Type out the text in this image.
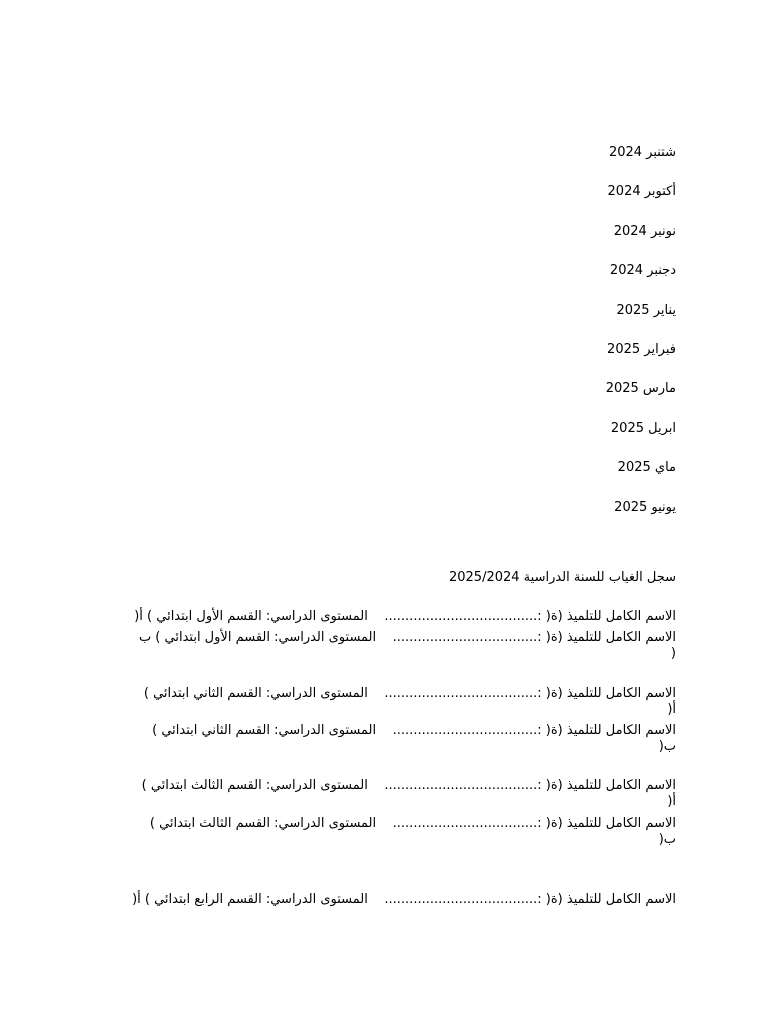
شتنبر 2024
أكتوبر 2024
نونبر 2024
دجنبر 2024
يناير 2025
فبراير 2025
مارس 2025
ابريل 2025
ماي 2025
يونيو 2025
سجل الغياب للسنة الدراسية 2025/2024
الاسم الكامل للتلميذ (ة( :.....................................    المستوى الدراسي: القسم الأول ابتدائي ) أ(
الاسم الكامل للتلميذ (ة( :...................................    المستوى الدراسي: القسم الأول ابتدائي ) ب
(
الاسم الكامل للتلميذ (ة( :.....................................    المستوى الدراسي: القسم الثاني ابتدائي )
أ(
الاسم الكامل للتلميذ (ة( :...................................    المستوى الدراسي: القسم الثاني ابتدائي )
ب(
الاسم الكامل للتلميذ (ة( :.....................................    المستوى الدراسي: القسم الثالث ابتدائي )
أ(
الاسم الكامل للتلميذ (ة( :...................................    المستوى الدراسي: القسم الثالث ابتدائي )
ب(
الاسم الكامل للتلميذ (ة( :.....................................    المستوى الدراسي: القسم الرابع ابتدائي ) أ(
